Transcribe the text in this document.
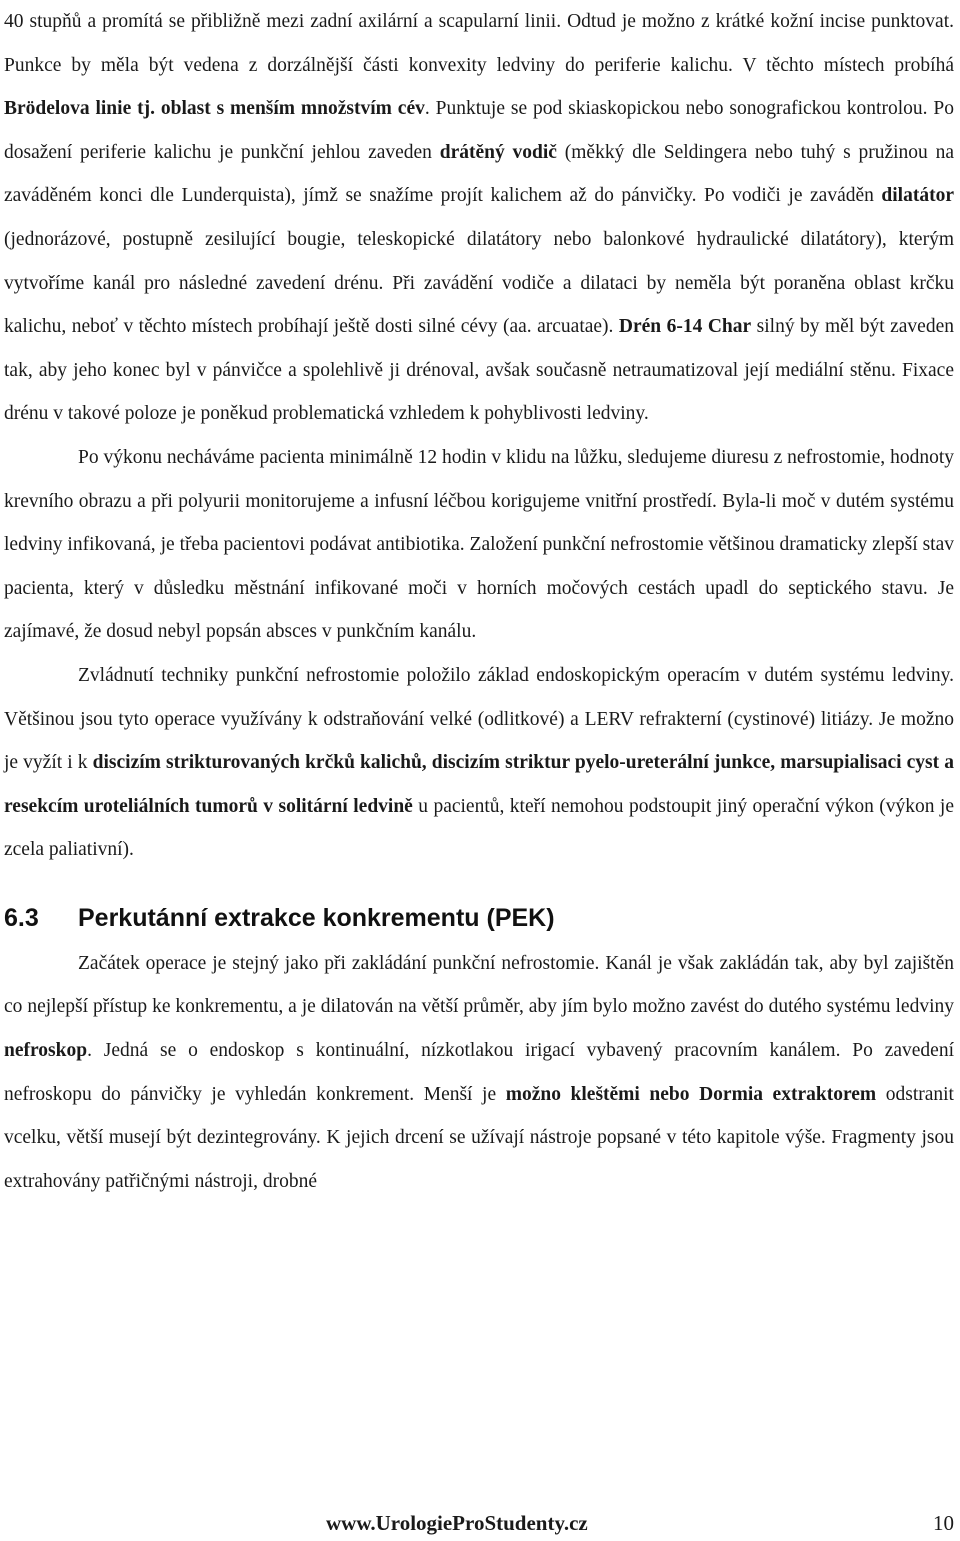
40 stupňů a promítá se přibližně mezi zadní axilární a scapularní linii. Odtud je možno z krátké kožní incise punktovat. Punkce by měla být vedena z dorzálnější části konvexity ledviny do periferie kalichu. V těchto místech probíhá Brödelova linie tj. oblast s menším množstvím cév. Punktuje se pod skiaskopickou nebo sonografickou kontrolou. Po dosažení periferie kalichu je punkční jehlou zaveden drátěný vodič (měkký dle Seldingera nebo tuhý s pružinou na zaváděném konci dle Lunderquista), jímž se snažíme projít kalichem až do pánvičky. Po vodiči je zaváděn dilatátor (jednorázové, postupně zesilující bougie, teleskopické dilatátory nebo balonkové hydraulické dilatátory), kterým vytvoříme kanál pro následné zavedení drénu. Při zavádění vodiče a dilataci by neměla být poraněna oblast krčku kalichu, neboť v těchto místech probíhají ještě dosti silné cévy (aa. arcuatae). Drén 6-14 Char silný by měl být zaveden tak, aby jeho konec byl v pánvičce a spolehlivě ji drénoval, avšak současně netraumatizoval její mediální stěnu. Fixace drénu v takové poloze je poněkud problematická vzhledem k pohyblivosti ledviny.

Po výkonu necháváme pacienta minimálně 12 hodin v klidu na lůžku, sledujeme diuresu z nefrostomie, hodnoty krevního obrazu a při polyurii monitorujeme a infusní léčbou korigujeme vnitřní prostředí. Byla-li moč v dutém systému ledviny infikovaná, je třeba pacientovi podávat antibiotika. Založení punkční nefrostomie většinou dramaticky zlepší stav pacienta, který v důsledku městnání infikované moči v horních močových cestách upadl do septického stavu. Je zajímavé, že dosud nebyl popsán absces v punkčním kanálu.

Zvládnutí techniky punkční nefrostomie položilo základ endoskopickým operacím v dutém systému ledviny. Většinou jsou tyto operace využívány k odstraňování velké (odlitkové) a LERV refrakterní (cystinové) litiázy. Je možno je vyžít i k discizím strikturovaných krčků kalichů, discizím striktur pyelo-ureterální junkce, marsupialisaci cyst a resekcím uroteliálních tumorů v solitární ledvině u pacientů, kteří nemohou podstoupit jiný operační výkon (výkon je zcela paliativní).

6.3 Perkutánní extrakce konkrementu (PEK)

Začátek operace je stejný jako při zakládání punkční nefrostomie. Kanál je však zakládán tak, aby byl zajištěn co nejlepší přístup ke konkrementu, a je dilatován na větší průměr, aby jím bylo možno zavést do dutého systému ledviny nefroskop. Jedná se o endoskop s kontinuální, nízkotlakou irigací vybavený pracovním kanálem. Po zavedení nefroskopu do pánvičky je vyhledán konkrement. Menší je možno kleštěmi nebo Dormia extraktorem odstranit vcelku, větší musejí být dezintegrovány. K jejich drcení se užívají nástroje popsané v této kapitole výše. Fragmenty jsou extrahovány patřičnými nástroji, drobné

www.UrologieProStudenty.cz	10
